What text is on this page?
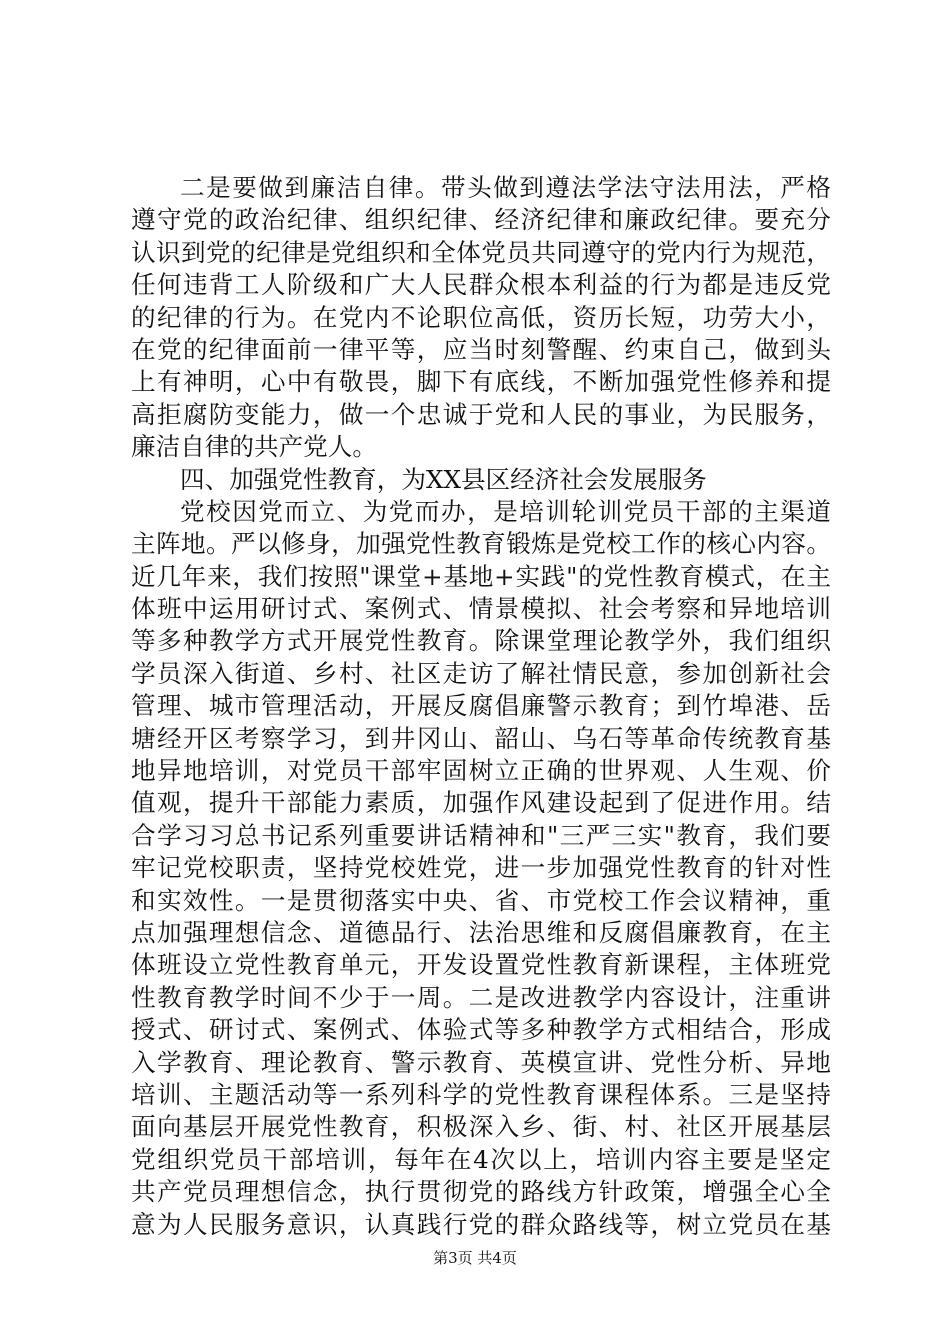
二是要做到廉洁自律。带头做到遵法学法守法用法，严格
遵守党的政治纪律、组织纪律、经济纪律和廉政纪律。要充分
认识到党的纪律是党组织和全体党员共同遵守的党内行为规范，
任何违背工人阶级和广大人民群众根本利益的行为都是违反党
的纪律的行为。在党内不论职位高低，资历长短，功劳大小，
在党的纪律面前一律平等，应当时刻警醒、约束自己，做到头
上有神明，心中有敬畏，脚下有底线，不断加强党性修养和提
高拒腐防变能力，做一个忠诚于党和人民的事业，为民服务，
廉洁自律的共产党人。
四、加强党性教育，为XX县区经济社会发展服务
党校因党而立、为党而办，是培训轮训党员干部的主渠道
主阵地。严以修身，加强党性教育锻炼是党校工作的核心内容。
近几年来，我们按照"课堂+基地+实践"的党性教育模式，在主
体班中运用研讨式、案例式、情景模拟、社会考察和异地培训
等多种教学方式开展党性教育。除课堂理论教学外，我们组织
学员深入街道、乡村、社区走访了解社情民意，参加创新社会
管理、城市管理活动，开展反腐倡廉警示教育；到竹埠港、岳
塘经开区考察学习，到井冈山、韶山、乌石等革命传统教育基
地异地培训，对党员干部牢固树立正确的世界观、人生观、价
值观，提升干部能力素质，加强作风建设起到了促进作用。结
合学习习总书记系列重要讲话精神和"三严三实"教育，我们要
牢记党校职责，坚持党校姓党，进一步加强党性教育的针对性
和实效性。一是贯彻落实中央、省、市党校工作会议精神，重
点加强理想信念、道德品行、法治思维和反腐倡廉教育，在主
体班设立党性教育单元，开发设置党性教育新课程，主体班党
性教育教学时间不少于一周。二是改进教学内容设计，注重讲
授式、研讨式、案例式、体验式等多种教学方式相结合，形成
入学教育、理论教育、警示教育、英模宣讲、党性分析、异地
培训、主题活动等一系列科学的党性教育课程体系。三是坚持
面向基层开展党性教育，积极深入乡、街、村、社区开展基层
党组织党员干部培训，每年在4次以上，培训内容主要是坚定
共产党员理想信念，执行贯彻党的路线方针政策，增强全心全
意为人民服务意识，认真践行党的群众路线等，树立党员在基
第3页 共4页
